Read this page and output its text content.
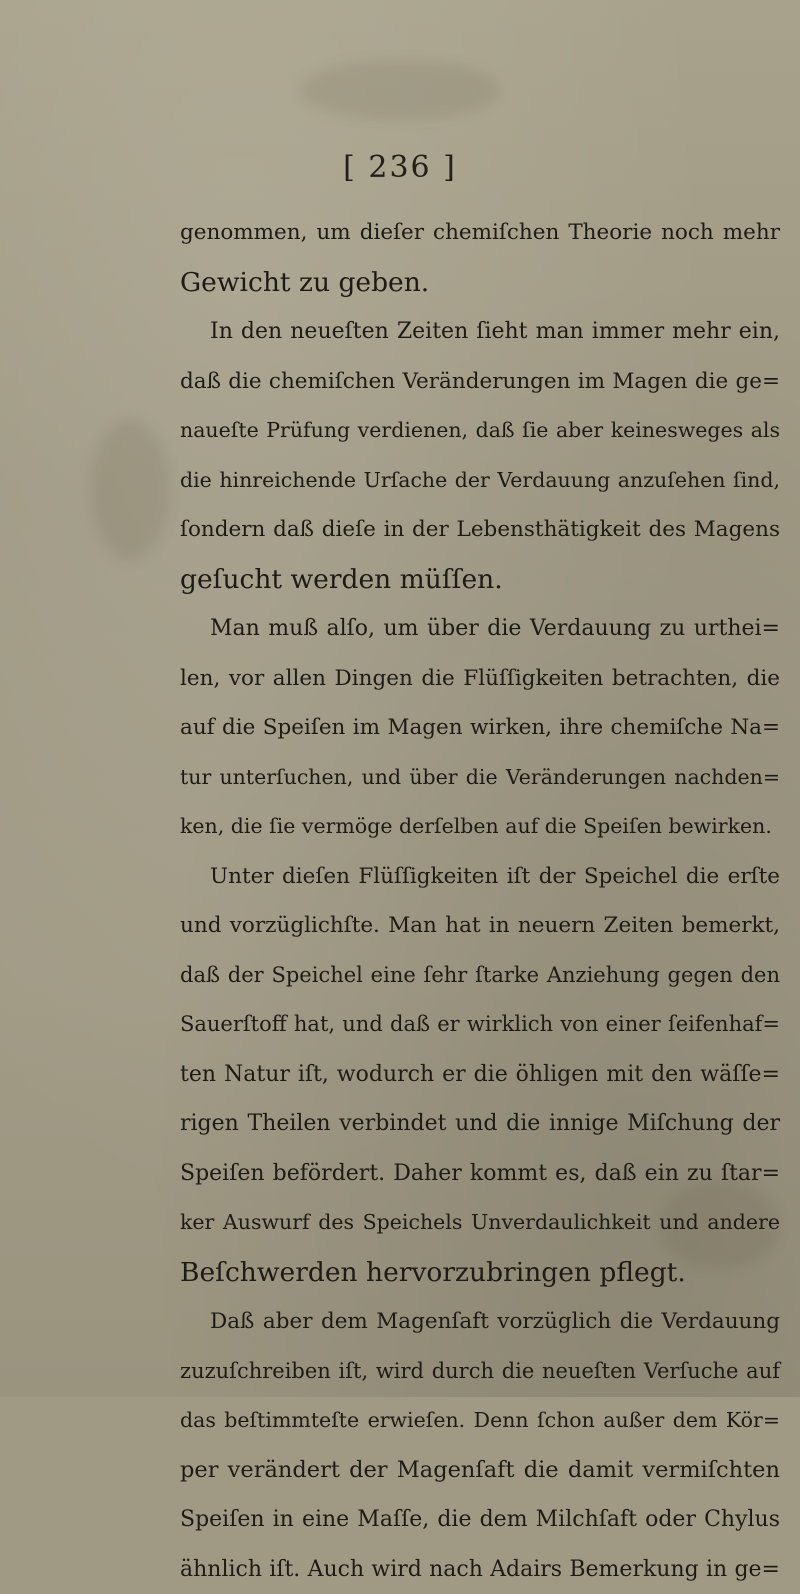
[ 236 ]
genommen, um dieſer chemiſchen Theorie noch mehr
Gewicht zu geben.
In den neueſten Zeiten ſieht man immer mehr ein,
daß die chemiſchen Veränderungen im Magen die ge=
naueſte Prüfung verdienen, daß ſie aber keinesweges als
die hinreichende Urſache der Verdauung anzuſehen ſind,
ſondern daß dieſe in der Lebensthätigkeit des Magens
geſucht werden müſſen.
Man muß alſo, um über die Verdauung zu urthei=
len, vor allen Dingen die Flüſſigkeiten betrachten, die
auf die Speiſen im Magen wirken, ihre chemiſche Na=
tur unterſuchen, und über die Veränderungen nachden=
ken, die ſie vermöge derſelben auf die Speiſen bewirken.
Unter dieſen Flüſſigkeiten iſt der Speichel die erſte
und vorzüglichſte. Man hat in neuern Zeiten bemerkt,
daß der Speichel eine ſehr ſtarke Anziehung gegen den
Sauerſtoff hat, und daß er wirklich von einer ſeifenhaf=
ten Natur iſt, wodurch er die öhligen mit den wäſſe=
rigen Theilen verbindet und die innige Miſchung der
Speiſen befördert. Daher kommt es, daß ein zu ſtar=
ker Auswurf des Speichels Unverdaulichkeit und andere
Beſchwerden hervorzubringen pflegt.
Daß aber dem Magenſaft vorzüglich die Verdauung
zuzuſchreiben iſt, wird durch die neueſten Verſuche auf
das beſtimmteſte erwieſen. Denn ſchon außer dem Kör=
per verändert der Magenſaft die damit vermiſchten
Speiſen in eine Maſſe, die dem Milchſaft oder Chylus
ähnlich iſt. Auch wird nach Adairs Bemerkung in ge=
